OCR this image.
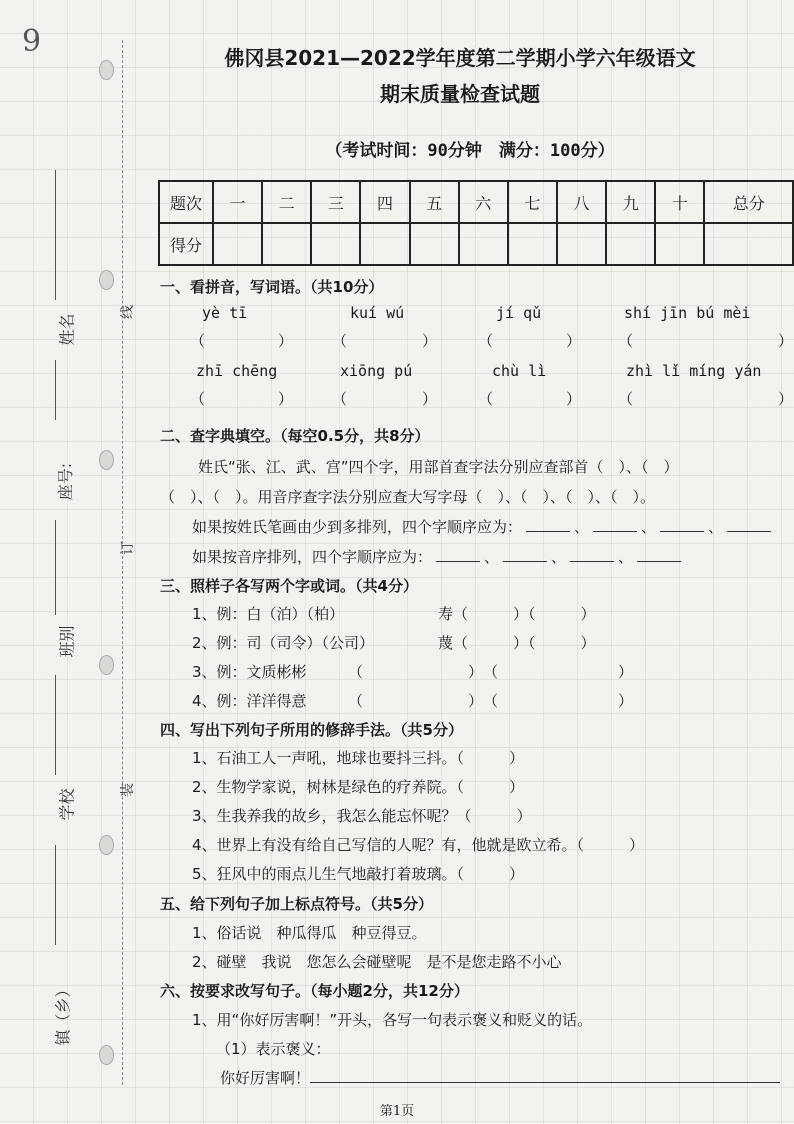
9
姓名
座号:
班别
学校
镇（乡）
线
订
装
佛冈县2021—2022学年度第二学期小学六年级语文
期末质量检查试题
（考试时间：90分钟　满分：100分）
题次	一	二	三	四	五	六	七	八	九	十	总分
得分											
一、看拼音，写词语。（共10分）
yè tī	kuí wú	jí qǔ	shí jīn bú mèi
（	）	（	）	（	） （	）
zhī chēng	xiōng pú	chù lì	zhì lǐ míng yán
（	）	（	）	（	） （	）
二、查字典填空。（每空0.5分，共8分）
姓氏“张、江、武、宫”四个字，用部首查字法分别应查部首（　）、（　）
（　）、（　）。用音序查字法分别应查大写字母（　）、（　）、（　）、（　）。
如果按姓氏笔画由少到多排列，四个字顺序应为：	、	、	、
如果按音序排列，四个字顺序应为：	、	、	、
三、照样子各写两个字或词。（共4分）
1、例：白（泊）（柏）	寿（　　　）（　　　）
2、例：司（司令）（公司）	蔑（　　　）（　　　）
3、例：文质彬彬	（　　　　　　　）　（　　　　　　　　）
4、例：洋洋得意	（　　　　　　　）　（　　　　　　　　）
四、写出下列句子所用的修辞手法。（共5分）
1、石油工人一声吼，地球也要抖三抖。（　　　）
2、生物学家说，树林是绿色的疗养院。（　　　）
3、生我养我的故乡，我怎么能忘怀呢？（　　　）
4、世界上有没有给自己写信的人呢？有，他就是欧立希。（　　　）
5、狂风中的雨点儿生气地敲打着玻璃。（　　　）
五、给下列句子加上标点符号。（共5分）
1、俗话说　种瓜得瓜　种豆得豆。
2、碰壁　我说　您怎么会碰壁呢　是不是您走路不小心
六、按要求改写句子。（每小题2分，共12分）
1、用“你好厉害啊！”开头，各写一句表示褒义和贬义的话。
（1）表示褒义：
你好厉害啊！
第1页
